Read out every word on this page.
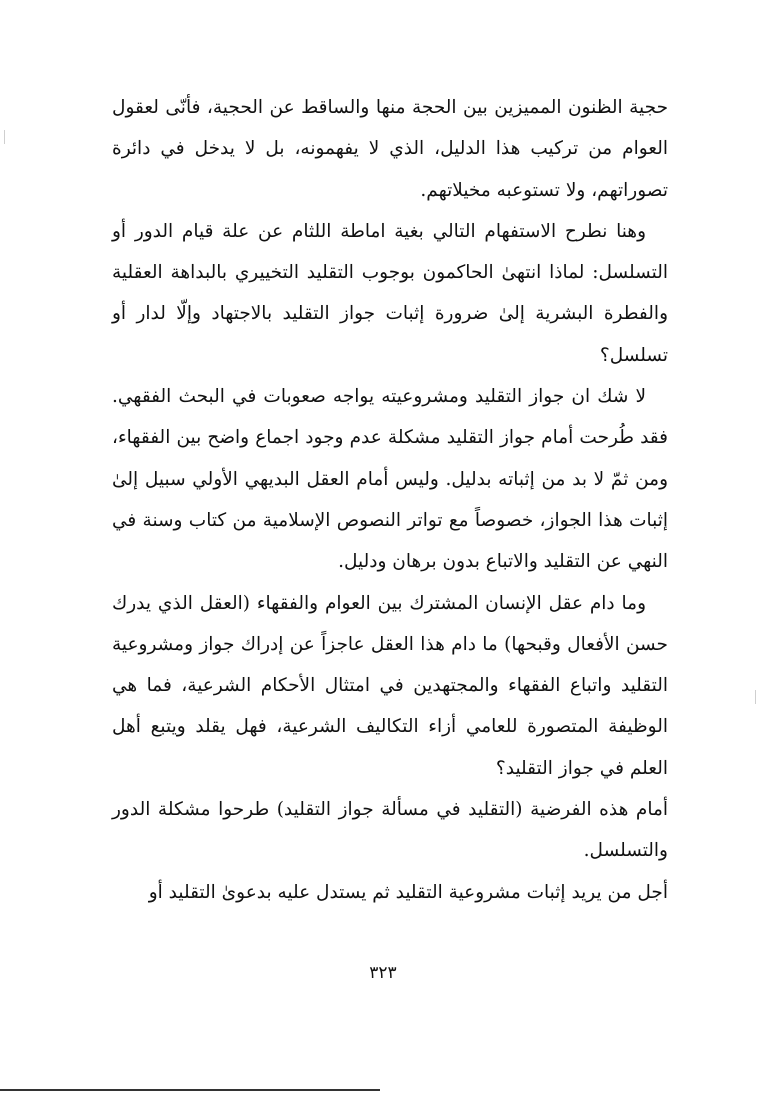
حجية الظنون المميزين بين الحجة منها والساقط عن الحجية، فأنّى لعقول العوام من تركيب هذا الدليل، الذي لا يفهمونه، بل لا يدخل في دائرة تصوراتهم، ولا تستوعبه مخيلاتهم.

وهنا نطرح الاستفهام التالي بغية اماطة اللثام عن علة قيام الدور أو التسلسل: لماذا انتهىٰ الحاكمون بوجوب التقليد التخييري بالبداهة العقلية والفطرة البشرية إلىٰ ضرورة إثبات جواز التقليد بالاجتهاد وإلّا لدار أو تسلسل؟

لا شك ان جواز التقليد ومشروعيته يواجه صعوبات في البحث الفقهي. فقد طُرحت أمام جواز التقليد مشكلة عدم وجود اجماع واضح بين الفقهاء، ومن ثمّ لا بد من إثباته بدليل. وليس أمام العقل البديهي الأولي سبيل إلىٰ إثبات هذا الجواز، خصوصاً مع تواتر النصوص الإسلامية من كتاب وسنة في النهي عن التقليد والاتباع بدون برهان ودليل.

وما دام عقل الإنسان المشترك بين العوام والفقهاء (العقل الذي يدرك حسن الأفعال وقبحها) ما دام هذا العقل عاجزاً عن إدراك جواز ومشروعية التقليد واتباع الفقهاء والمجتهدين في امتثال الأحكام الشرعية، فما هي الوظيفة المتصورة للعامي أزاء التكاليف الشرعية، فهل يقلد ويتبع أهل العلم في جواز التقليد؟

أمام هذه الفرضية (التقليد في مسألة جواز التقليد) طرحوا مشكلة الدور والتسلسل.

أجل من يريد إثبات مشروعية التقليد ثم يستدل عليه بدعوىٰ التقليد أو

٣٢٣
